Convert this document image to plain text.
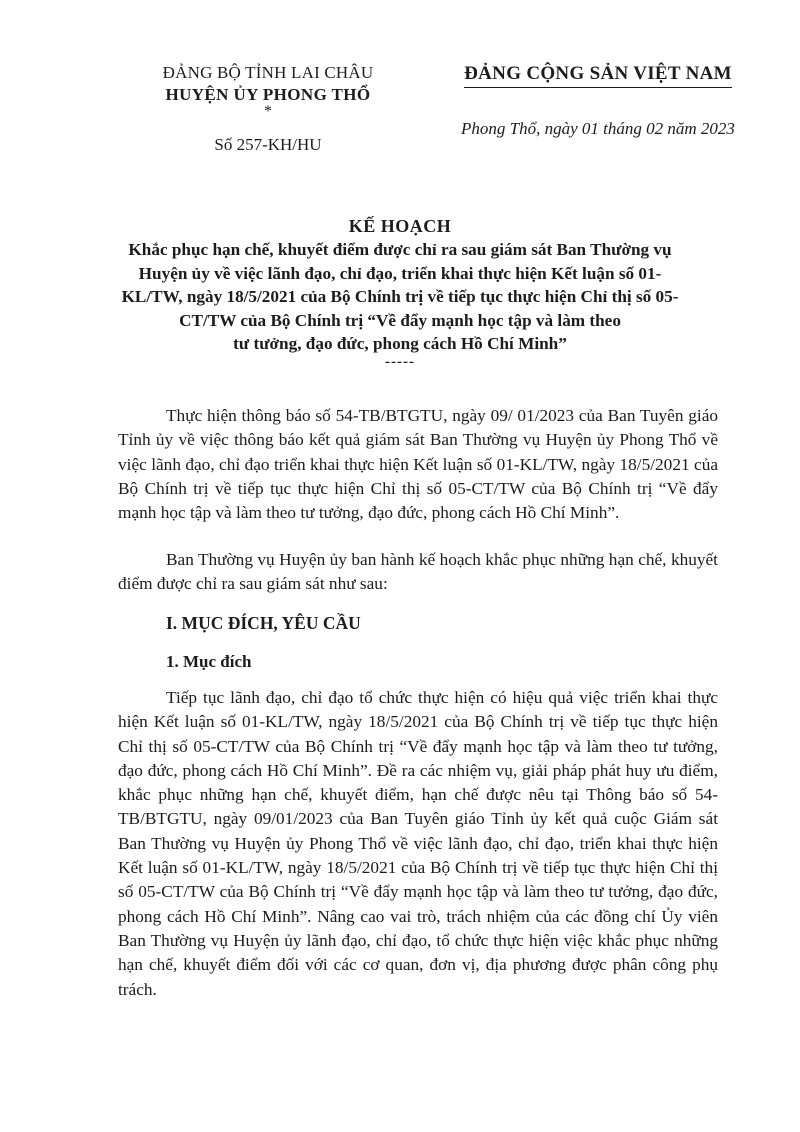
ĐẢNG BỘ TỈNH LAI CHÂU
HUYỆN ỦY PHONG THỔ
*
Số 257-KH/HU
ĐẢNG CỘNG SẢN VIỆT NAM
Phong Thổ, ngày 01 tháng 02 năm 2023
KẾ HOẠCH
Khắc phục hạn chế, khuyết điểm được chỉ ra sau giám sát Ban Thường vụ
Huyện ủy về việc lãnh đạo, chỉ đạo, triển khai thực hiện Kết luận số 01-
KL/TW, ngày 18/5/2021 của Bộ Chính trị về tiếp tục thực hiện Chỉ thị số 05-
CT/TW của Bộ Chính trị “Về đẩy mạnh học tập và làm theo
tư tưởng, đạo đức, phong cách Hồ Chí Minh”
-----

Thực hiện thông báo số 54-TB/BTGTU, ngày 09/ 01/2023 của Ban Tuyên giáo Tỉnh ủy về việc thông báo kết quả giám sát Ban Thường vụ Huyện ủy Phong Thổ về việc lãnh đạo, chỉ đạo triển khai thực hiện Kết luận số 01-KL/TW, ngày 18/5/2021 của Bộ Chính trị về tiếp tục thực hiện Chỉ thị số 05-CT/TW của Bộ Chính trị “Về đẩy mạnh học tập và làm theo tư tưởng, đạo đức, phong cách Hồ Chí Minh”.

Ban Thường vụ Huyện ủy ban hành kế hoạch khắc phục những hạn chế, khuyết điểm được chỉ ra sau giám sát như sau:

I. MỤC ĐÍCH, YÊU CẦU
1. Mục đích

Tiếp tục lãnh đạo, chỉ đạo tổ chức thực hiện có hiệu quả việc triển khai thực hiện Kết luận số 01-KL/TW, ngày 18/5/2021 của Bộ Chính trị về tiếp tục thực hiện Chỉ thị số 05-CT/TW của Bộ Chính trị “Về đẩy mạnh học tập và làm theo tư tưởng, đạo đức, phong cách Hồ Chí Minh”. Đề ra các nhiệm vụ, giải pháp phát huy ưu điểm, khắc phục những hạn chế, khuyết điểm, hạn chế được nêu tại Thông báo số 54-TB/BTGTU, ngày 09/01/2023 của Ban Tuyên giáo Tỉnh ủy kết quả cuộc Giám sát Ban Thường vụ Huyện ủy Phong Thổ về việc lãnh đạo, chỉ đạo, triển khai thực hiện Kết luận số 01-KL/TW, ngày 18/5/2021 của Bộ Chính trị về tiếp tục thực hiện Chỉ thị số 05-CT/TW của Bộ Chính trị “Về đẩy mạnh học tập và làm theo tư tưởng, đạo đức, phong cách Hồ Chí Minh”. Nâng cao vai trò, trách nhiệm của các đồng chí Ủy viên Ban Thường vụ Huyện ủy lãnh đạo, chỉ đạo, tổ chức thực hiện việc khắc phục những hạn chế, khuyết điểm đối với các cơ quan, đơn vị, địa phương được phân công phụ trách.
